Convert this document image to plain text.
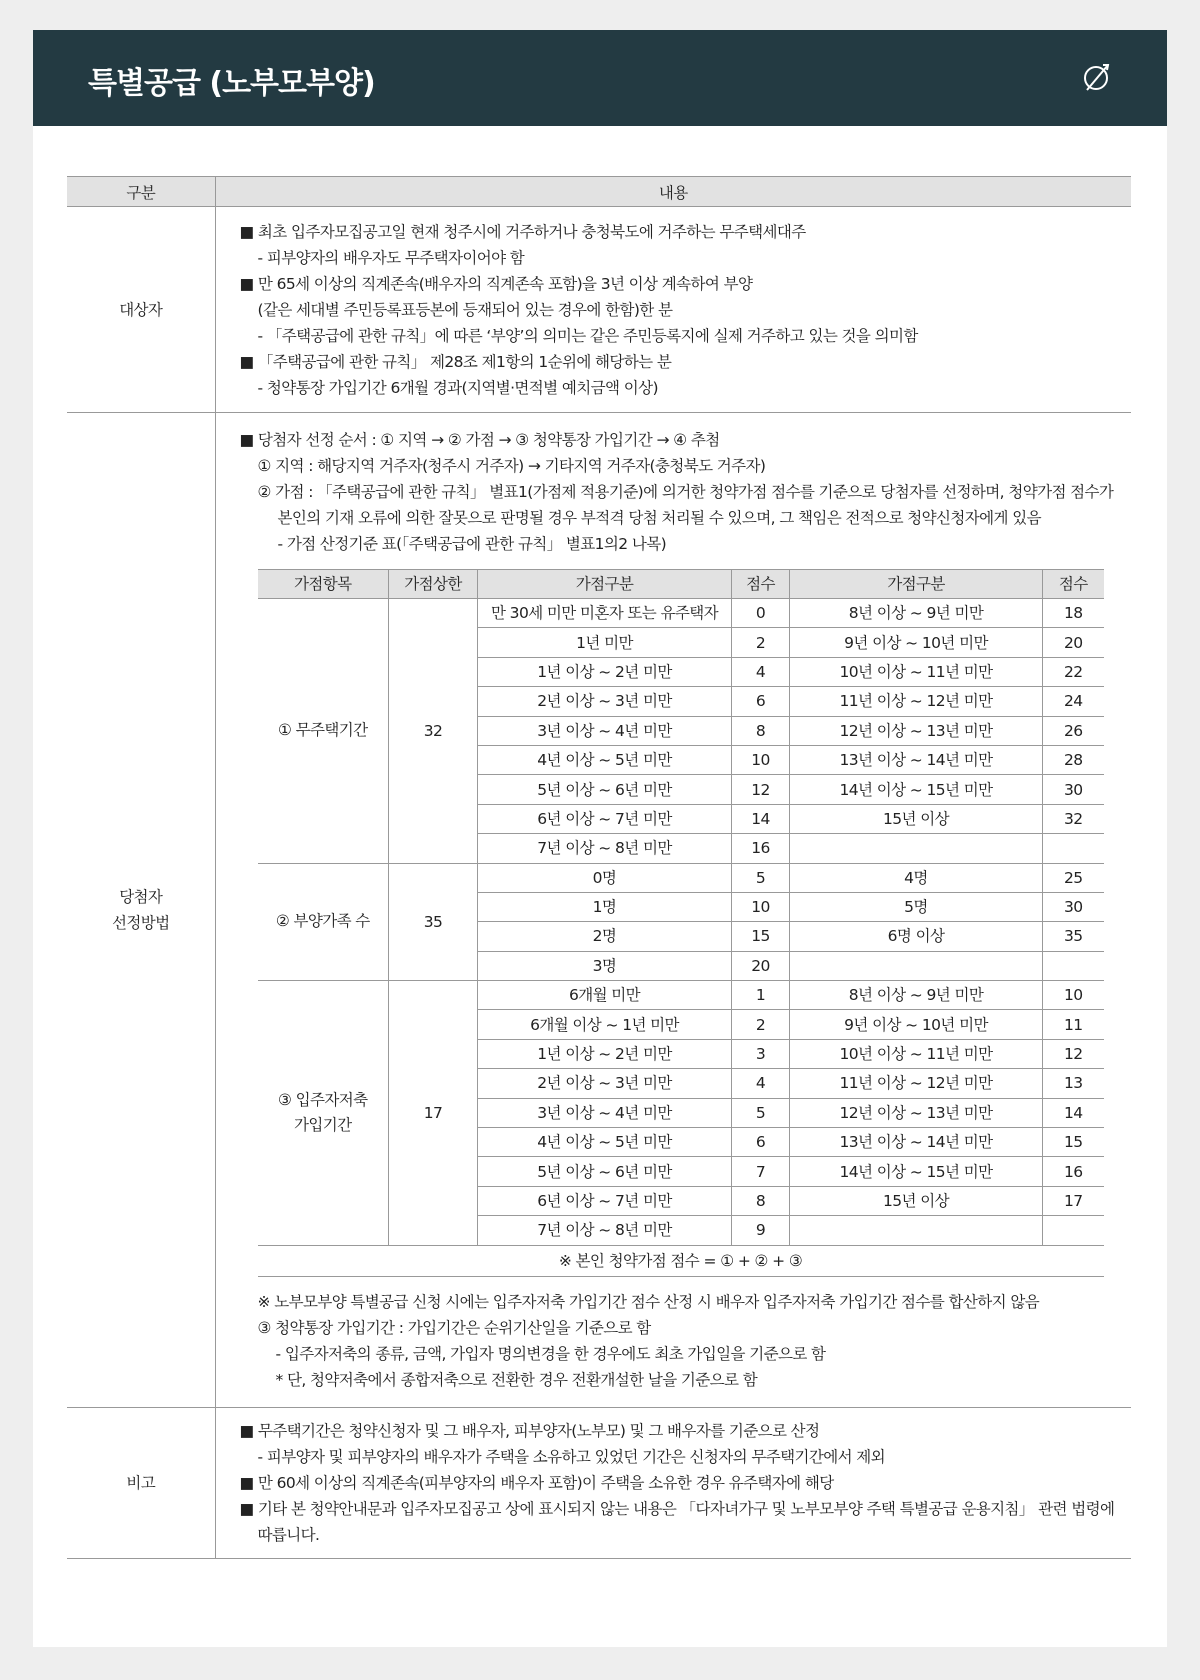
특별공급 (노부모부양)
구분	내용
대상자	
■ 최초 입주자모집공고일 현재 청주시에 거주하거나 충청북도에 거주하는 무주택세대주
- 피부양자의 배우자도 무주택자이어야 함
■ 만 65세 이상의 직계존속(배우자의 직계존속 포함)을 3년 이상 계속하여 부양
(같은 세대별 주민등록표등본에 등재되어 있는 경우에 한함)한 분
- 「주택공급에 관한 규칙」에 따른 ‘부양’의 의미는 같은 주민등록지에 실제 거주하고 있는 것을 의미함
■ 「주택공급에 관한 규칙」 제28조 제1항의 1순위에 해당하는 분
- 청약통장 가입기간 6개월 경과(지역별·면적별 예치금액 이상)

당첨자
선정방법

■ 당첨자 선정 순서 : ① 지역 → ② 가점 → ③ 청약통장 가입기간 → ④ 추첨
① 지역 : 해당지역 거주자(청주시 거주자) → 기타지역 거주자(충청북도 거주자)
② 가점 : 「주택공급에 관한 규칙」 별표1(가점제 적용기준)에 의거한 청약가점 점수를 기준으로 당첨자를 선정하며, 청약가점 점수가
본인의 기재 오류에 의한 잘못으로 판명될 경우 부적격 당첨 처리될 수 있으며, 그 책임은 전적으로 청약신청자에게 있음
- 가점 산정기준 표(「주택공급에 관한 규칙」 별표1의2 나목)
가점항목	가점상한	가점구분	점수	가점구분	점수

① 무주택기간	32	만 30세 미만 미혼자 또는 유주택자	0	8년 이상 ~ 9년 미만	18
1년 미만	2	9년 이상 ~ 10년 미만	20
1년 이상 ~ 2년 미만	4	10년 이상 ~ 11년 미만	22
2년 이상 ~ 3년 미만	6	11년 이상 ~ 12년 미만	24
3년 이상 ~ 4년 미만	8	12년 이상 ~ 13년 미만	26
4년 이상 ~ 5년 미만	10	13년 이상 ~ 14년 미만	28
5년 이상 ~ 6년 미만	12	14년 이상 ~ 15년 미만	30
6년 이상 ~ 7년 미만	14	15년 이상	32
7년 이상 ~ 8년 미만	16		

② 부양가족 수	35	0명	5	4명	25
1명	10	5명	30
2명	15	6명 이상	35
3명	20		

③ 입주자저축
가입기간
	17	6개월 미만	1	8년 이상 ~ 9년 미만	10
6개월 이상 ~ 1년 미만	2	9년 이상 ~ 10년 미만	11
1년 이상 ~ 2년 미만	3	10년 이상 ~ 11년 미만	12
2년 이상 ~ 3년 미만	4	11년 이상 ~ 12년 미만	13
3년 이상 ~ 4년 미만	5	12년 이상 ~ 13년 미만	14
4년 이상 ~ 5년 미만	6	13년 이상 ~ 14년 미만	15
5년 이상 ~ 6년 미만	7	14년 이상 ~ 15년 미만	16
6년 이상 ~ 7년 미만	8	15년 이상	17
7년 이상 ~ 8년 미만	9		
※ 본인 청약가점 점수 = ① + ② + ③
※ 노부모부양 특별공급 신청 시에는 입주자저축 가입기간 점수 산정 시 배우자 입주자저축 가입기간 점수를 합산하지 않음
③ 청약통장 가입기간 : 가입기간은 순위기산일을 기준으로 함
- 입주자저축의 종류, 금액, 가입자 명의변경을 한 경우에도 최초 가입일을 기준으로 함
* 단, 청약저축에서 종합저축으로 전환한 경우 전환개설한 날을 기준으로 함

비고	
■ 무주택기간은 청약신청자 및 그 배우자, 피부양자(노부모) 및 그 배우자를 기준으로 산정
- 피부양자 및 피부양자의 배우자가 주택을 소유하고 있었던 기간은 신청자의 무주택기간에서 제외
■ 만 60세 이상의 직계존속(피부양자의 배우자 포함)이 주택을 소유한 경우 유주택자에 해당
■ 기타 본 청약안내문과 입주자모집공고 상에 표시되지 않는 내용은 「다자녀가구 및 노부모부양 주택 특별공급 운용지침」 관련 법령에
따릅니다.
